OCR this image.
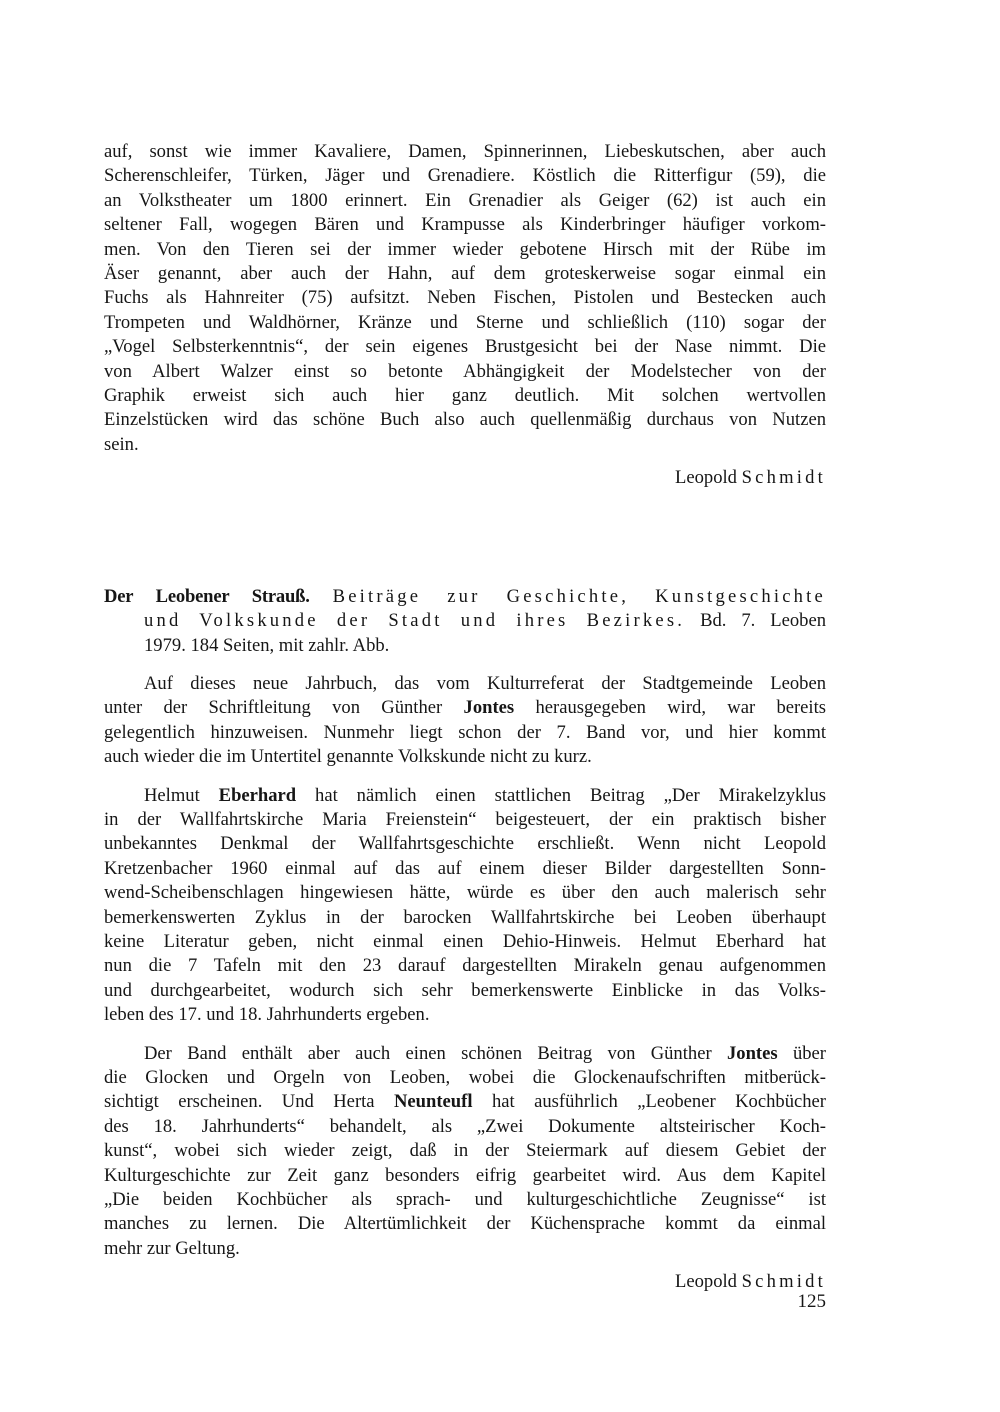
auf, sonst wie immer Kavaliere, Damen, Spinnerinnen, Liebeskutschen, aber auch
Scherenschleifer, Türken, Jäger und Grenadiere. Köstlich die Ritterfigur (59), die
an Volkstheater um 1800 erinnert. Ein Grenadier als Geiger (62) ist auch ein
seltener Fall, wogegen Bären und Krampusse als Kinderbringer häufiger vorkom-
men. Von den Tieren sei der immer wieder gebotene Hirsch mit der Rübe im
Äser genannt, aber auch der Hahn, auf dem groteskerweise sogar einmal ein
Fuchs als Hahnreiter (75) aufsitzt. Neben Fischen, Pistolen und Bestecken auch
Trompeten und Waldhörner, Kränze und Sterne und schließlich (110) sogar der
„Vogel Selbsterkenntnis“, der sein eigenes Brustgesicht bei der Nase nimmt. Die
von Albert Walzer einst so betonte Abhängigkeit der Modelstecher von der
Graphik erweist sich auch hier ganz deutlich. Mit solchen wertvollen
Einzelstücken wird das schöne Buch also auch quellenmäßig durchaus von Nutzen
sein.
Leopold Schmidt
Der Leobener Strauß. Beiträge zur Geschichte, Kunstgeschichte
und Volkskunde der Stadt und ihres Bezirkes. Bd. 7. Leoben
1979. 184 Seiten, mit zahlr. Abb.
Auf dieses neue Jahrbuch, das vom Kulturreferat der Stadtgemeinde Leoben
unter der Schriftleitung von Günther Jontes herausgegeben wird, war bereits
gelegentlich hinzuweisen. Nunmehr liegt schon der 7. Band vor, und hier kommt
auch wieder die im Untertitel genannte Volkskunde nicht zu kurz.
Helmut Eberhard hat nämlich einen stattlichen Beitrag „Der Mirakelzyklus
in der Wallfahrtskirche Maria Freienstein“ beigesteuert, der ein praktisch bisher
unbekanntes Denkmal der Wallfahrtsgeschichte erschließt. Wenn nicht Leopold
Kretzenbacher 1960 einmal auf das auf einem dieser Bilder dargestellten Sonn-
wend-Scheibenschlagen hingewiesen hätte, würde es über den auch malerisch sehr
bemerkenswerten Zyklus in der barocken Wallfahrtskirche bei Leoben überhaupt
keine Literatur geben, nicht einmal einen Dehio-Hinweis. Helmut Eberhard hat
nun die 7 Tafeln mit den 23 darauf dargestellten Mirakeln genau aufgenommen
und durchgearbeitet, wodurch sich sehr bemerkenswerte Einblicke in das Volks-
leben des 17. und 18. Jahrhunderts ergeben.
Der Band enthält aber auch einen schönen Beitrag von Günther Jontes über
die Glocken und Orgeln von Leoben, wobei die Glockenaufschriften mitberück-
sichtigt erscheinen. Und Herta Neunteufl hat ausführlich „Leobener Kochbücher
des 18. Jahrhunderts“ behandelt, als „Zwei Dokumente altsteirischer Koch-
kunst“, wobei sich wieder zeigt, daß in der Steiermark auf diesem Gebiet der
Kulturgeschichte zur Zeit ganz besonders eifrig gearbeitet wird. Aus dem Kapitel
„Die beiden Kochbücher als sprach- und kulturgeschichtliche Zeugnisse“ ist
manches zu lernen. Die Altertümlichkeit der Küchensprache kommt da einmal
mehr zur Geltung.
Leopold Schmidt
125
